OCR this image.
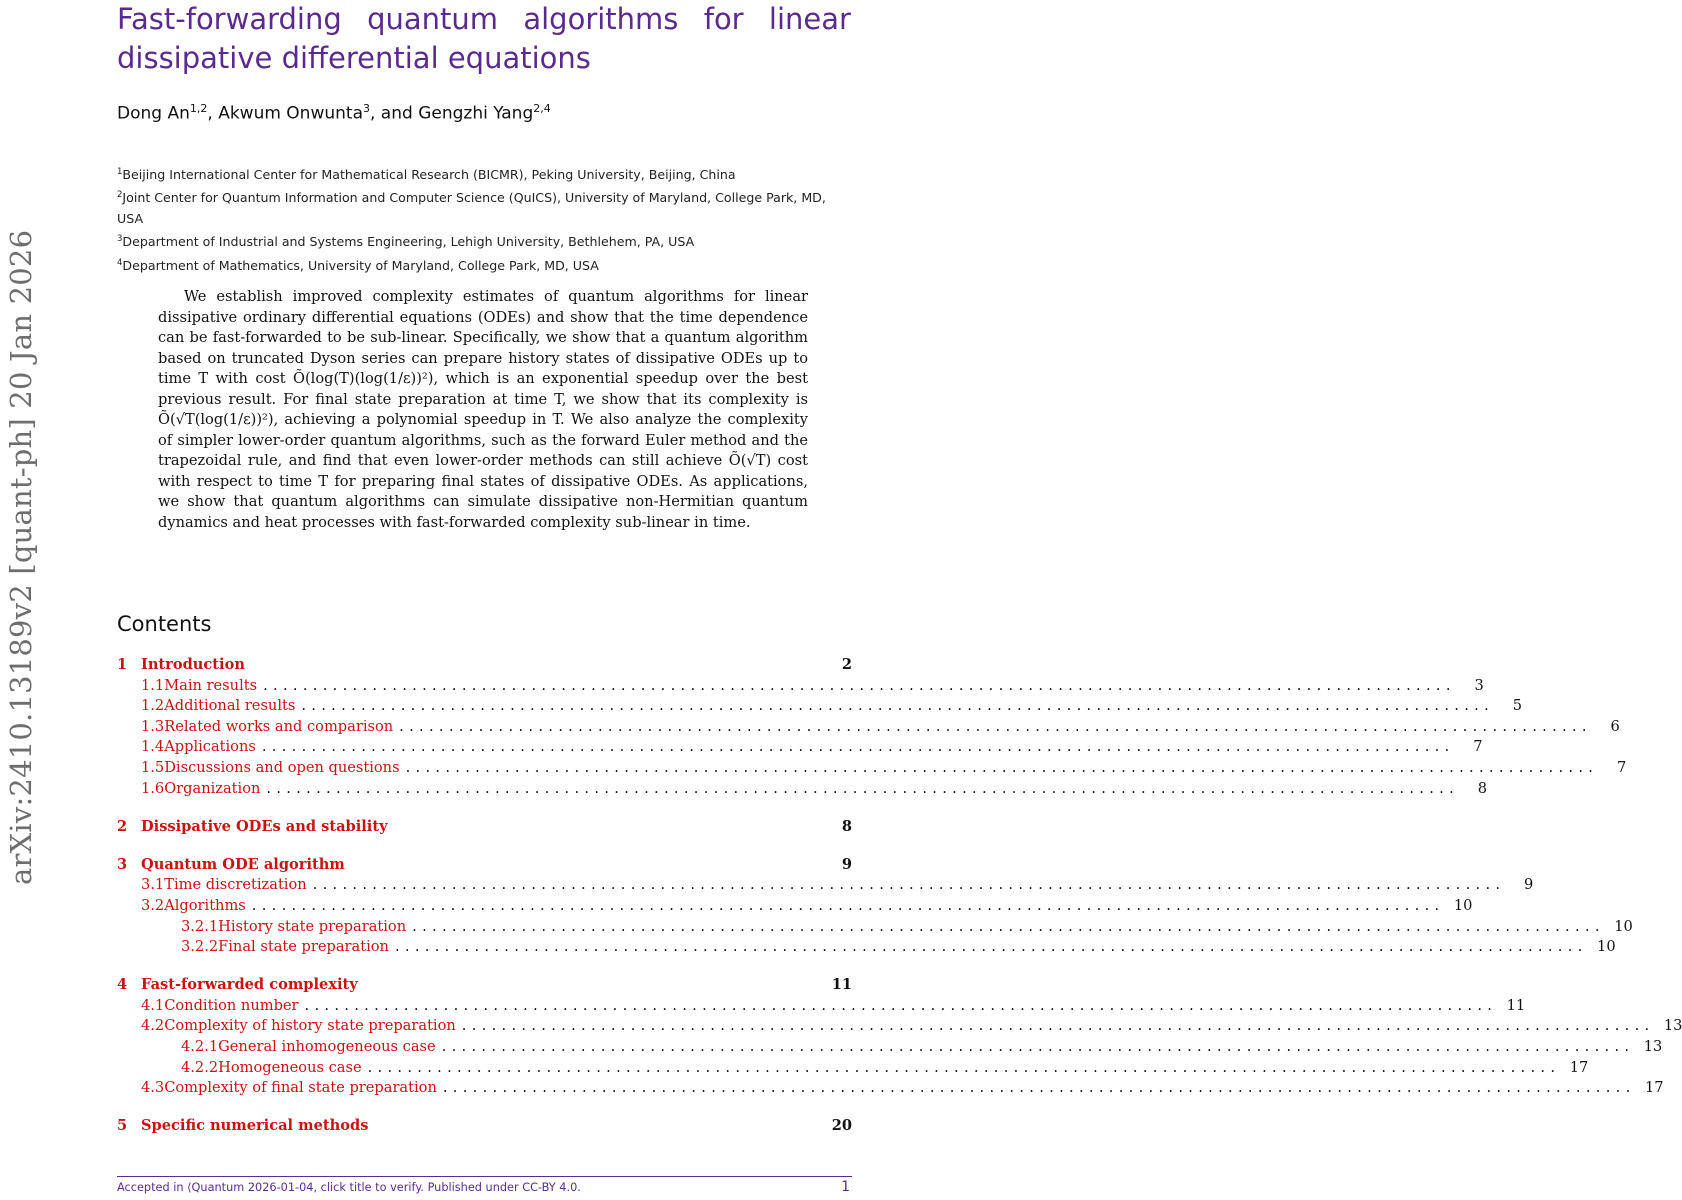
arXiv:2410.13189v2 [quant-ph] 20 Jan 2026
Fast-forwarding quantum algorithms for linear
dissipative differential equations
Dong An$^{1,2}$, Akwum Onwunta$^3$, and Gengzhi Yang$^{2,4}$
$^1$Beijing International Center for Mathematical Research (BICMR), Peking University, Beijing, China
$^2$Joint Center for Quantum Information and Computer Science (QuICS), University of Maryland, College Park, MD, USA
$^3$Department of Industrial and Systems Engineering, Lehigh University, Bethlehem, PA, USA
$^4$Department of Mathematics, University of Maryland, College Park, MD, USA

We establish improved complexity estimates of quantum algorithms for linear dissipative ordinary differential equations (ODEs) and show that the time dependence can be fast-forwarded to be sub-linear. Specifically, we show that a quantum algorithm based on truncated Dyson series can prepare history states of dissipative ODEs up to time T with cost Õ(log(T)(log(1/ε))²), which is an exponential speedup over the best previous result. For final state preparation at time T, we show that its complexity is Õ(√T(log(1/ε))²), achieving a polynomial speedup in T. We also analyze the complexity of simpler lower-order quantum algorithms, such as the forward Euler method and the trapezoidal rule, and find that even lower-order methods can still achieve Õ(√T) cost with respect to time T for preparing final states of dissipative ODEs. As applications, we show that quantum algorithms can simulate dissipative non-Hermitian quantum dynamics and heat processes with fast-forwarded complexity sub-linear in time.

Contents
1 Introduction	2
1.1 Main results ........................................................................................................................	3
1.2 Additional results ........................................................................................................................	5
1.3 Related works and comparison ........................................................................................................................	6
1.4 Applications ........................................................................................................................	7
1.5 Discussions and open questions ........................................................................................................................	7
1.6 Organization ........................................................................................................................	8
2 Dissipative ODEs and stability	8
3 Quantum ODE algorithm	9
3.1 Time discretization ........................................................................................................................	9
3.2 Algorithms ........................................................................................................................ 10
3.2.1 History state preparation ........................................................................................................................ 10
3.2.2 Final state preparation ........................................................................................................................ 10
4 Fast-forwarded complexity	11
4.1 Condition number ........................................................................................................................ 11
4.2 Complexity of history state preparation ........................................................................................................................ 13
4.2.1 General inhomogeneous case ........................................................................................................................ 13
4.2.2 Homogeneous case ........................................................................................................................ 17
4.3 Complexity of final state preparation ........................................................................................................................ 17
5 Specific numerical methods	20
Accepted in ⟨Quantum 2026-01-04, click title to verify. Published under CC-BY 4.0.	1
